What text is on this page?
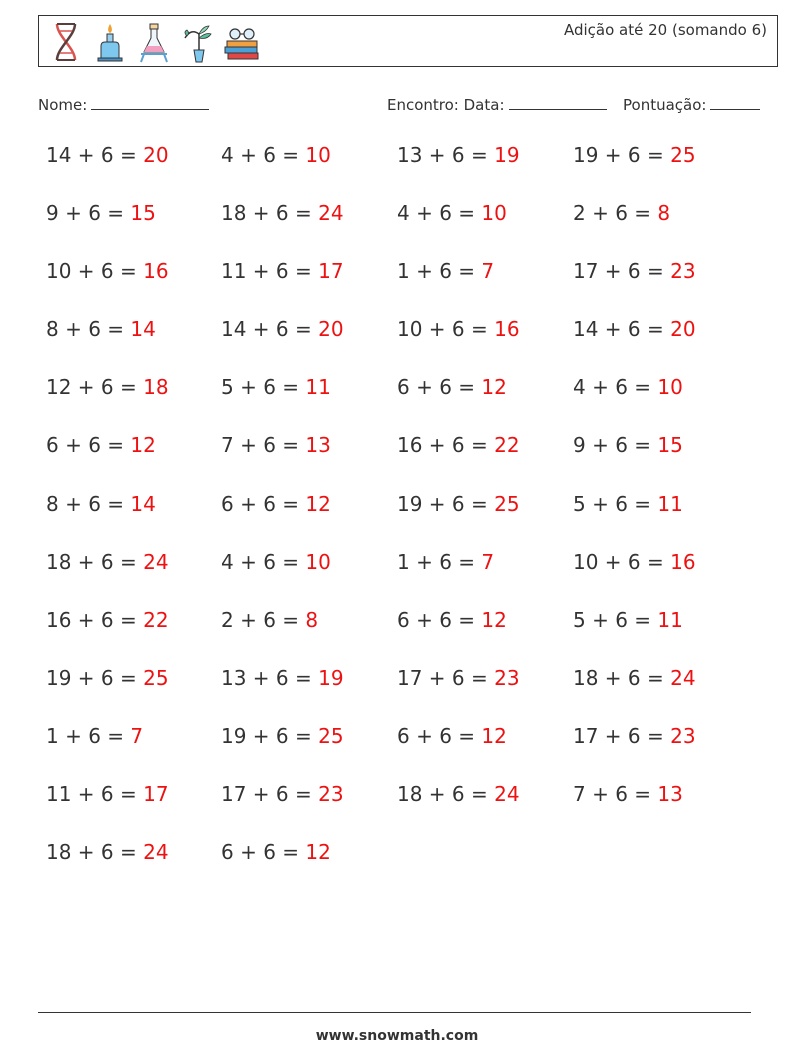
Adição até 20 (somando 6)
Nome:	Encontro: Data:	Pontuação:
14 + 6 = 20	4 + 6 = 10	13 + 6 = 19	19 + 6 = 25
9 + 6 = 15	18 + 6 = 24	4 + 6 = 10	2 + 6 = 8
10 + 6 = 16	11 + 6 = 17	1 + 6 = 7	17 + 6 = 23
8 + 6 = 14	14 + 6 = 20	10 + 6 = 16	14 + 6 = 20
12 + 6 = 18	5 + 6 = 11	6 + 6 = 12	4 + 6 = 10
6 + 6 = 12	7 + 6 = 13	16 + 6 = 22	9 + 6 = 15
8 + 6 = 14	6 + 6 = 12	19 + 6 = 25	5 + 6 = 11
18 + 6 = 24	4 + 6 = 10	1 + 6 = 7	10 + 6 = 16
16 + 6 = 22	2 + 6 = 8	6 + 6 = 12	5 + 6 = 11
19 + 6 = 25	13 + 6 = 19	17 + 6 = 23	18 + 6 = 24
1 + 6 = 7	19 + 6 = 25	6 + 6 = 12	17 + 6 = 23
11 + 6 = 17	17 + 6 = 23	18 + 6 = 24	7 + 6 = 13
18 + 6 = 24	6 + 6 = 12
www.snowmath.com
